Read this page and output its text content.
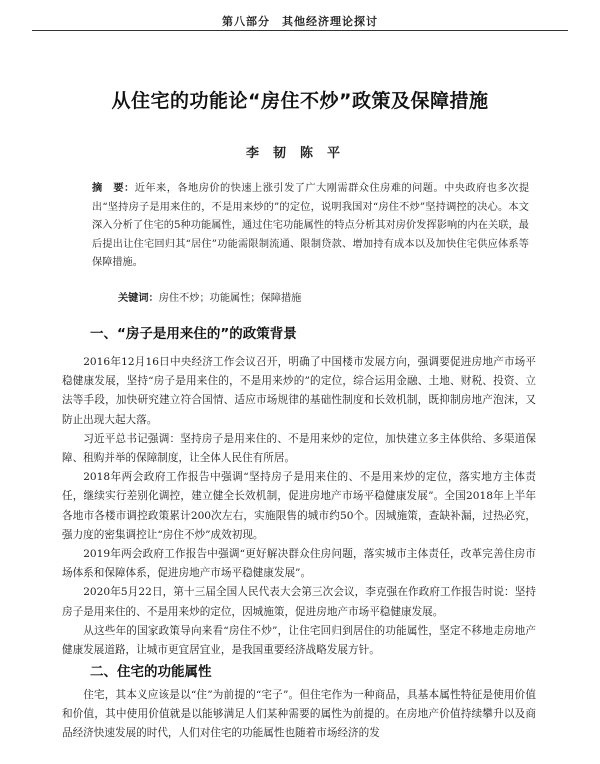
第八部分　其他经济理论探讨
从住宅的功能论“房住不炒”政策及保障措施
李韧陈平
摘　要：近年来，各地房价的快速上涨引发了广大刚需群众住房难的问题。中央政府也多次提出“坚持房子是用来住的，不是用来炒的”的定位，说明我国对“房住不炒”坚持调控的决心。本文深入分析了住宅的5种功能属性，通过住宅功能属性的特点分析其对房价发挥影响的内在关联，最后提出让住宅回归其“居住”功能需限制流通、限制贷款、增加持有成本以及加快住宅供应体系等保障措施。
关键词：房住不炒；功能属性；保障措施
一、“房子是用来住的”的政策背景

2016年12月16日中央经济工作会议召开，明确了中国楼市发展方向，强调要促进房地产市场平稳健康发展，坚持“房子是用来住的，不是用来炒的”的定位，综合运用金融、土地、财税、投资、立法等手段，加快研究建立符合国情、适应市场规律的基础性制度和长效机制，既抑制房地产泡沫，又防止出现大起大落。

习近平总书记强调：坚持房子是用来住的、不是用来炒的定位，加快建立多主体供给、多渠道保障、租购并举的保障制度，让全体人民住有所居。

2018年两会政府工作报告中强调“坚持房子是用来住的、不是用来炒的定位，落实地方主体责任，继续实行差别化调控，建立健全长效机制，促进房地产市场平稳健康发展”。全国2018年上半年各地市各楼市调控政策累计200次左右，实施限售的城市约50个。因城施策，查缺补漏，过热必究，强力度的密集调控让“房住不炒”成效初现。

2019年两会政府工作报告中强调“更好解决群众住房问题，落实城市主体责任，改革完善住房市场体系和保障体系，促进房地产市场平稳健康发展”。

2020年5月22日，第十三届全国人民代表大会第三次会议，李克强在作政府工作报告时说：坚持房子是用来住的、不是用来炒的定位，因城施策，促进房地产市场平稳健康发展。

从这些年的国家政策导向来看“房住不炒”，让住宅回归到居住的功能属性，坚定不移地走房地产健康发展道路，让城市更宜居宜业，是我国重要经济战略发展方针。

二、住宅的功能属性

住宅，其本义应该是以“住”为前提的“宅子”。但住宅作为一种商品，具基本属性特征是使用价值和价值，其中使用价值就是以能够满足人们某种需要的属性为前提的。在房地产价值持续攀升以及商品经济快速发展的时代，人们对住宅的功能属性也随着市场经济的发
